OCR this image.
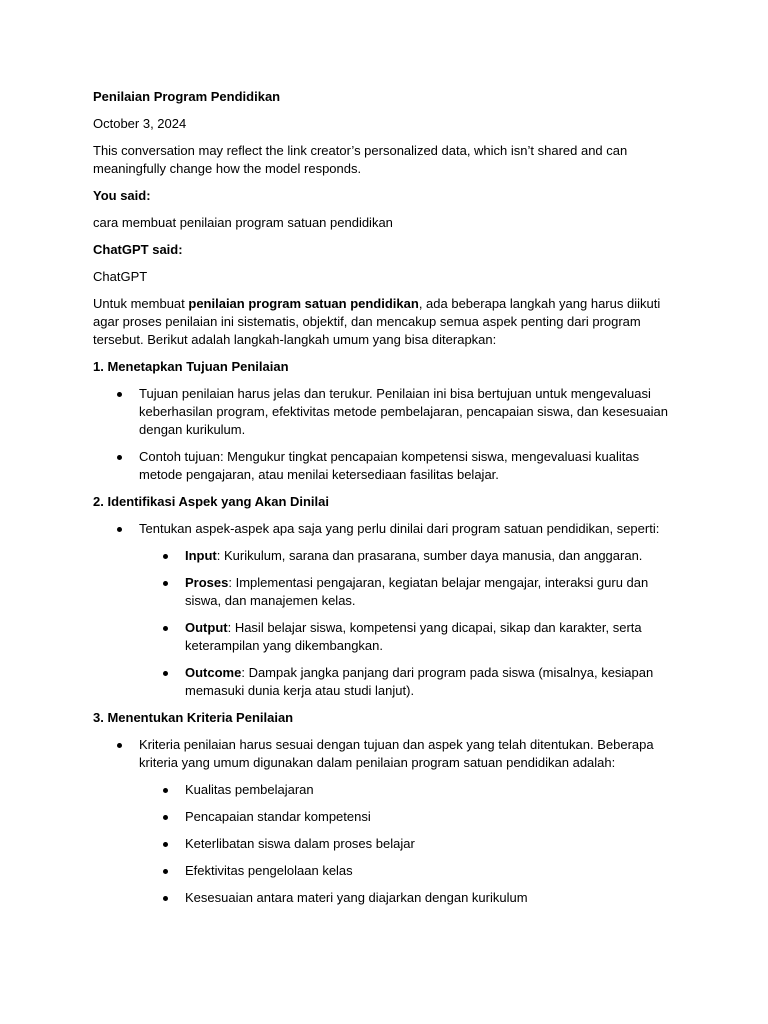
Penilaian Program Pendidikan

October 3, 2024

This conversation may reflect the link creator’s personalized data, which isn’t shared and can meaningfully change how the model responds.

You said:

cara membuat penilaian program satuan pendidikan

ChatGPT said:

ChatGPT

Untuk membuat penilaian program satuan pendidikan, ada beberapa langkah yang harus diikuti agar proses penilaian ini sistematis, objektif, dan mencakup semua aspek penting dari program tersebut. Berikut adalah langkah-langkah umum yang bisa diterapkan:

1. Menetapkan Tujuan Penilaian

Tujuan penilaian harus jelas dan terukur. Penilaian ini bisa bertujuan untuk mengevaluasi keberhasilan program, efektivitas metode pembelajaran, pencapaian siswa, dan kesesuaian dengan kurikulum.
Contoh tujuan: Mengukur tingkat pencapaian kompetensi siswa, mengevaluasi kualitas metode pengajaran, atau menilai ketersediaan fasilitas belajar.

2. Identifikasi Aspek yang Akan Dinilai

Tentukan aspek-aspek apa saja yang perlu dinilai dari program satuan pendidikan, seperti:
Input: Kurikulum, sarana dan prasarana, sumber daya manusia, dan anggaran.
Proses: Implementasi pengajaran, kegiatan belajar mengajar, interaksi guru dan siswa, dan manajemen kelas.
Output: Hasil belajar siswa, kompetensi yang dicapai, sikap dan karakter, serta keterampilan yang dikembangkan.
Outcome: Dampak jangka panjang dari program pada siswa (misalnya, kesiapan memasuki dunia kerja atau studi lanjut).

3. Menentukan Kriteria Penilaian

Kriteria penilaian harus sesuai dengan tujuan dan aspek yang telah ditentukan. Beberapa kriteria yang umum digunakan dalam penilaian program satuan pendidikan adalah:
Kualitas pembelajaran
Pencapaian standar kompetensi
Keterlibatan siswa dalam proses belajar
Efektivitas pengelolaan kelas
Kesesuaian antara materi yang diajarkan dengan kurikulum
